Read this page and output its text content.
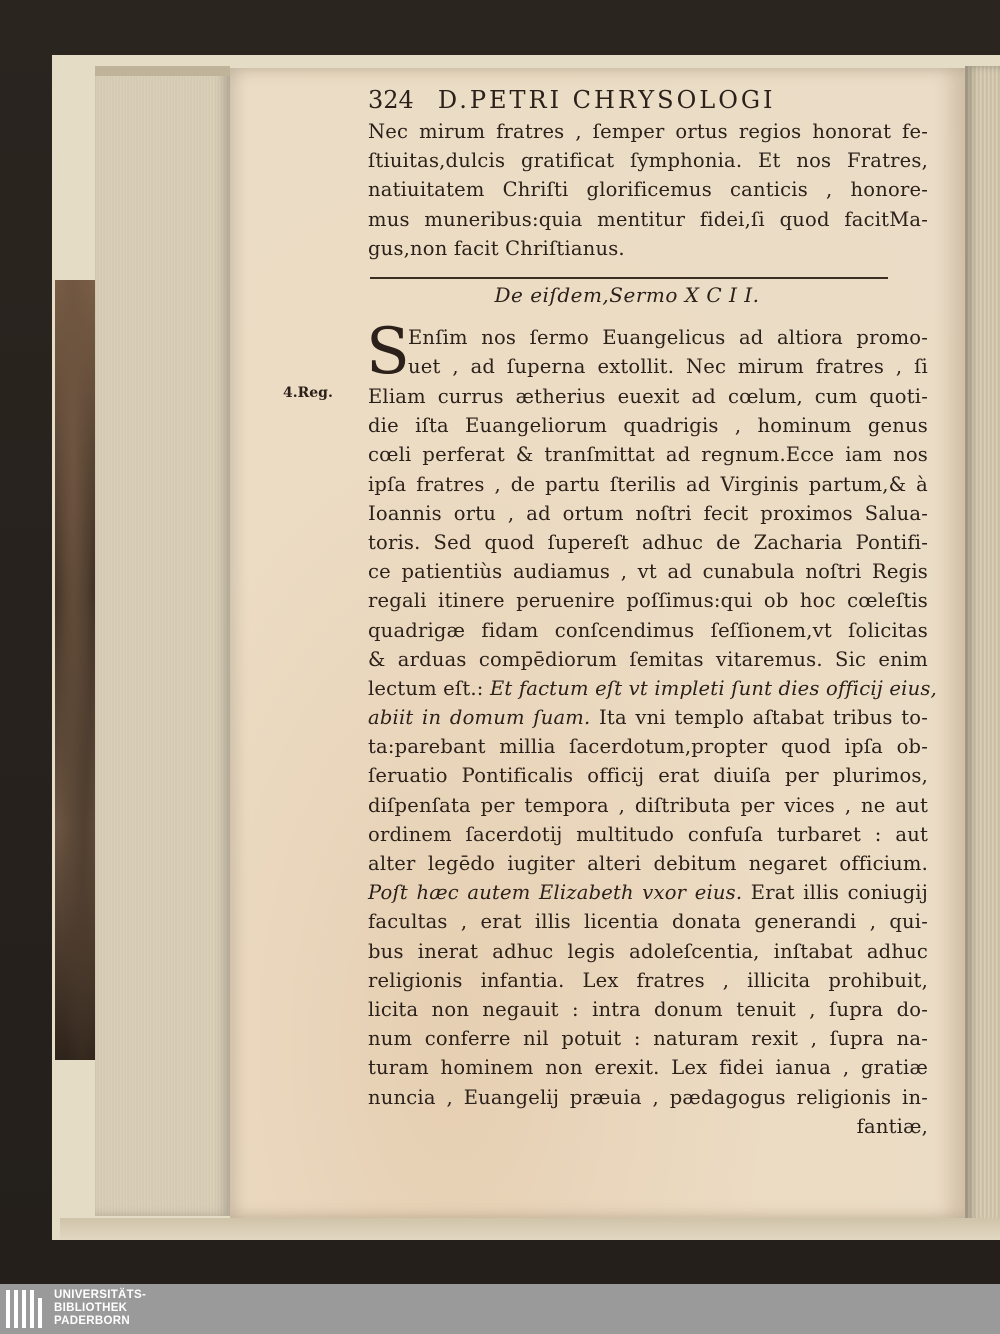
324 D.PETRI CHRYSOLOGI
Nec mirum fratres , ſemper ortus regios honorat fe-
ſtiuitas,dulcis gratificat ſymphonia. Et nos Fratres,
natiuitatem Chriſti glorificemus canticis , honore-
mus muneribus:quia mentitur fidei,ſi quod facitMa-
gus,non facit Chriſtianus.
De eiſdem,Sermo X C I I.
S
4.Reg.
Enſim nos ſermo Euangelicus ad altiora promo-
uet , ad ſuperna extollit. Nec mirum fratres , ſi
Eliam currus ætherius euexit ad cœlum, cum quoti-
die iſta Euangeliorum quadrigis , hominum genus
cœli perferat & tranſmittat ad regnum.Ecce iam nos
ipſa fratres , de partu ſterilis ad Virginis partum,& à
Ioannis ortu , ad ortum noſtri fecit proximos Salua-
toris. Sed quod ſupereſt adhuc de Zacharia Pontifi-
ce patientiùs audiamus , vt ad cunabula noſtri Regis
regali itinere peruenire poſſimus:qui ob hoc cœleſtis
quadrigæ fidam conſcendimus ſeſſionem,vt ſolicitas
& arduas compēdiorum ſemitas vitaremus. Sic enim
lectum eſt.: Et factum eſt vt impleti ſunt dies officij eius,
abiit in domum ſuam. Ita vni templo aſtabat tribus to-
ta:parebant millia ſacerdotum,propter quod ipſa ob-
ſeruatio Pontificalis officij erat diuiſa per plurimos,
diſpenſata per tempora , diſtributa per vices , ne aut
ordinem ſacerdotij multitudo confuſa turbaret : aut
alter legēdo iugiter alteri debitum negaret officium.
Poſt hæc autem Elizabeth vxor eius. Erat illis coniugij
facultas , erat illis licentia donata generandi , qui-
bus inerat adhuc legis adoleſcentia, inſtabat adhuc
religionis infantia. Lex fratres , illicita prohibuit,
licita non negauit : intra donum tenuit , ſupra do-
num conferre nil potuit : naturam rexit , ſupra na-
turam hominem non erexit. Lex fidei ianua , gratiæ
nuncia , Euangelij præuia , pædagogus religionis in-
fantiæ,
UNIVERSITÄTS-
BIBLIOTHEK
PADERBORN
